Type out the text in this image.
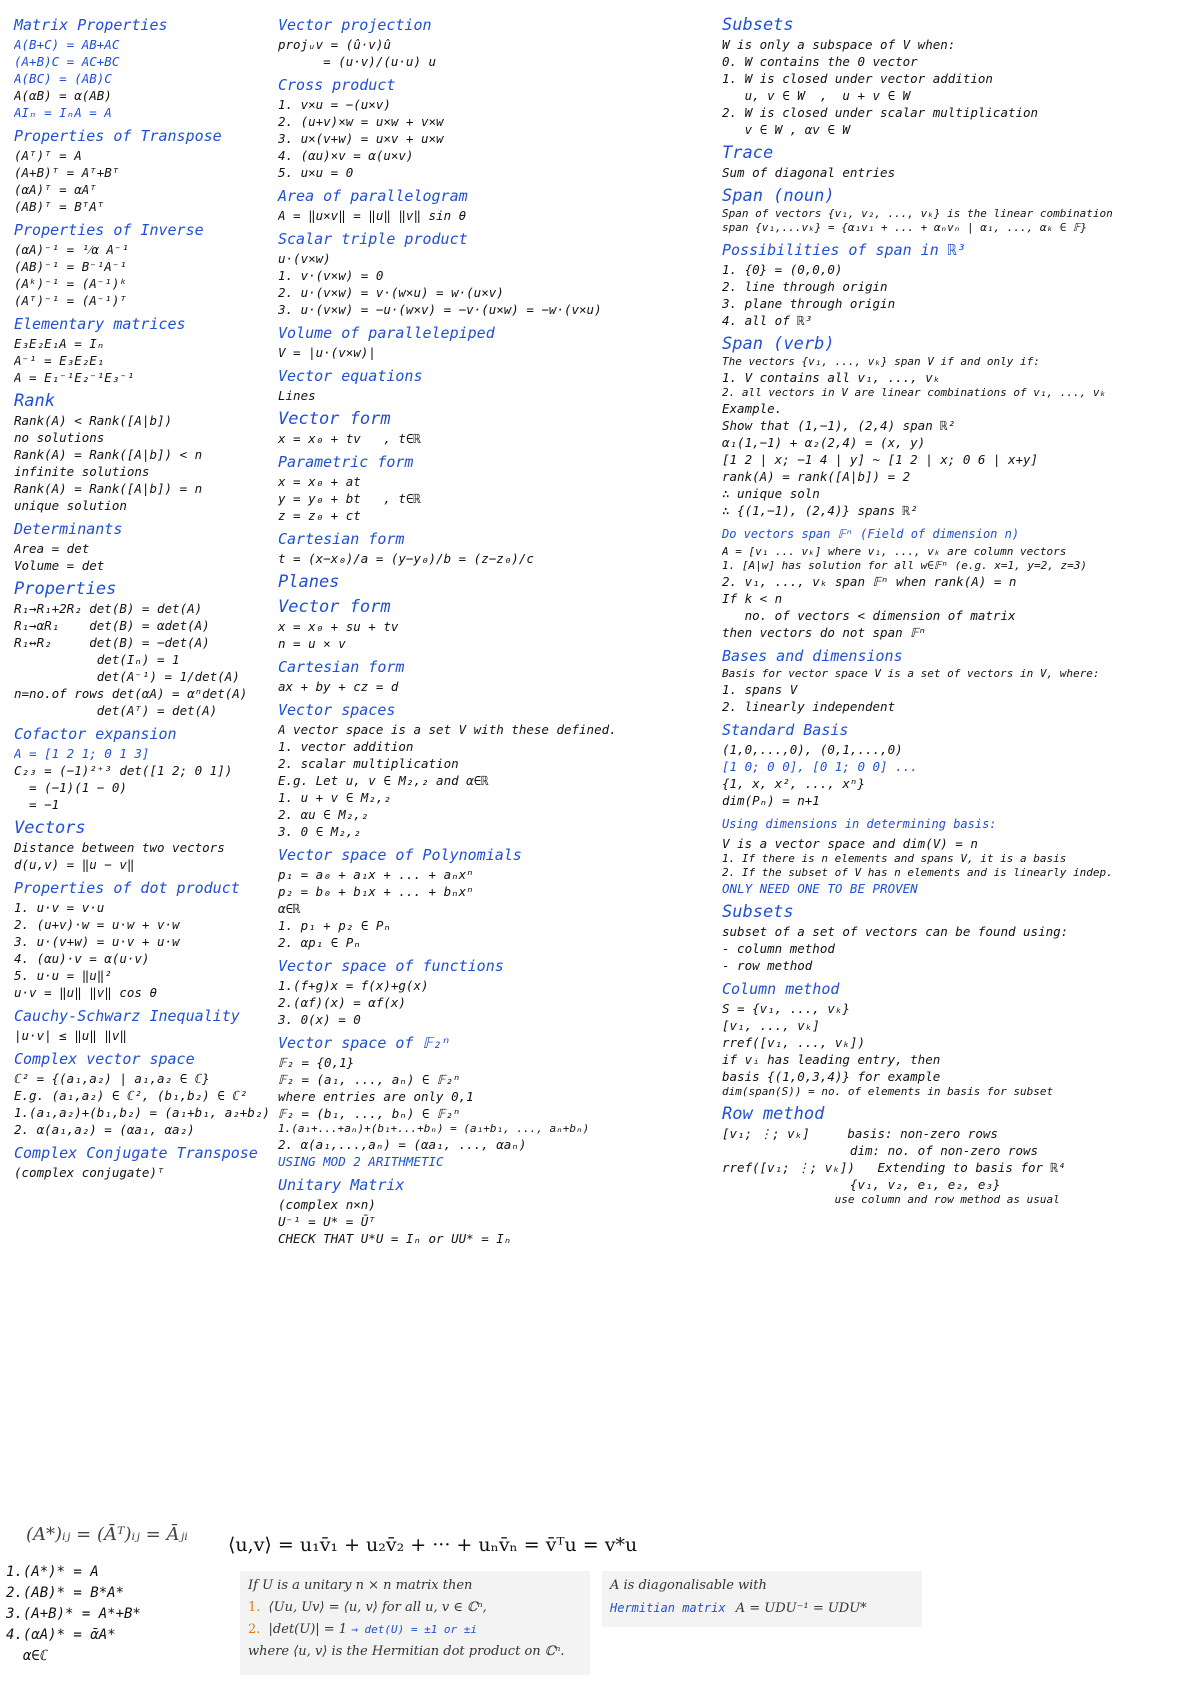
Matrix Properties
A(B+C) = AB+AC
(A+B)C = AC+BC
A(BC) = (AB)C
A(αB) = α(AB)
AIₙ = IₙA = A
Properties of Transpose
(Aᵀ)ᵀ = A
(A+B)ᵀ = Aᵀ+Bᵀ
(αA)ᵀ = αAᵀ
(AB)ᵀ = BᵀAᵀ
Properties of Inverse
(αA)⁻¹ = ¹⁄α A⁻¹
(AB)⁻¹ = B⁻¹A⁻¹
(Aᵏ)⁻¹ = (A⁻¹)ᵏ
(Aᵀ)⁻¹ = (A⁻¹)ᵀ
Elementary matrices
E₃E₂E₁A = Iₙ
A⁻¹ = E₃E₂E₁
A = E₁⁻¹E₂⁻¹E₃⁻¹
Rank
Rank(A) < Rank([A|b])
no solutions
Rank(A) = Rank([A|b]) < n
infinite solutions
Rank(A) = Rank([A|b]) = n
unique solution
Determinants
Area = det
Volume = det
Properties
R₁→R₁+2R₂ det(B) = det(A)
R₁→αR₁    det(B) = αdet(A)
R₁↔R₂     det(B) = −det(A)
det(Iₙ) = 1
det(A⁻¹) = 1/det(A)
n=no.of rows det(αA) = αⁿdet(A)
det(Aᵀ) = det(A)
Cofactor expansion
A = [1 2 1; 0 1 3]
C₂₃ = (−1)²⁺³ det([1 2; 0 1])
= (−1)(1 − 0)
= −1
Vectors
Distance between two vectors
d(u,v) = ‖u − v‖
Properties of dot product
1. u·v = v·u
2. (u+v)·w = u·w + v·w
3. u·(v+w) = u·v + u·w
4. (αu)·v = α(u·v)
5. u·u = ‖u‖²
u·v = ‖u‖ ‖v‖ cos θ
Cauchy-Schwarz Inequality
|u·v| ≤ ‖u‖ ‖v‖
Complex vector space
ℂ² = {(a₁,a₂) | a₁,a₂ ∈ ℂ}
E.g. (a₁,a₂) ∈ ℂ², (b₁,b₂) ∈ ℂ²
1.(a₁,a₂)+(b₁,b₂) = (a₁+b₁, a₂+b₂)
2. α(a₁,a₂) = (αa₁, αa₂)
Complex Conjugate Transpose
(complex conjugate)ᵀ
Vector projection
projᵤv = (û·v)û
= (u·v)/(u·u) u
Cross product
1. v×u = −(u×v)
2. (u+v)×w = u×w + v×w
3. u×(v+w) = u×v + u×w
4. (αu)×v = α(u×v)
5. u×u = 0
Area of parallelogram
A = ‖u×v‖ = ‖u‖ ‖v‖ sin θ
Scalar triple product
u·(v×w)
1. v·(v×w) = 0
2. u·(v×w) = v·(w×u) = w·(u×v)
3. u·(v×w) = −u·(w×v) = −v·(u×w) = −w·(v×u)
Volume of parallelepiped
V = |u·(v×w)|
Vector equations
Lines
Vector form
x = x₀ + tv   , t∈ℝ
Parametric form
x = x₀ + at
y = y₀ + bt   , t∈ℝ
z = z₀ + ct
Cartesian form
t = (x−x₀)/a = (y−y₀)/b = (z−z₀)/c
Planes
Vector form
x = x₀ + su + tv
n = u × v
Cartesian form
ax + by + cz = d
Vector spaces
A vector space is a set V with these defined.
1. vector addition
2. scalar multiplication
E.g. Let u, v ∈ M₂,₂ and α∈ℝ
1. u + v ∈ M₂,₂
2. αu ∈ M₂,₂
3. 0 ∈ M₂,₂
Vector space of Polynomials
p₁ = a₀ + a₁x + ... + aₙxⁿ
p₂ = b₀ + b₁x + ... + bₙxⁿ
α∈ℝ
1. p₁ + p₂ ∈ Pₙ
2. αp₁ ∈ Pₙ
Vector space of functions
1.(f+g)x = f(x)+g(x)
2.(αf)(x) = αf(x)
3. 0(x) = 0
Vector space of 𝔽₂ⁿ
𝔽₂ = {0,1}
𝔽₂ = (a₁, ..., aₙ) ∈ 𝔽₂ⁿ
where entries are only 0,1
𝔽₂ = (b₁, ..., bₙ) ∈ 𝔽₂ⁿ
1.(a₁+...+aₙ)+(b₁+...+bₙ) = (a₁+b₁, ..., aₙ+bₙ)
2. α(a₁,...,aₙ) = (αa₁, ..., αaₙ)
USING MOD 2 ARITHMETIC
Unitary Matrix
(complex n×n)
U⁻¹ = U* = Ūᵀ
CHECK THAT U*U = Iₙ or UU* = Iₙ
Subsets
W is only a subspace of V when:
0. W contains the 0 vector
1. W is closed under vector addition
u, v ∈ W  ,  u + v ∈ W
2. W is closed under scalar multiplication
v ∈ W , αv ∈ W
Trace
Sum of diagonal entries
Span (noun)
Span of vectors {v₁, v₂, ..., vₖ} is the linear combination
span {v₁,...vₖ} = {α₁v₁ + ... + αₙvₙ | α₁, ..., αₖ ∈ 𝔽}
Possibilities of span in ℝ³
1. {0} = (0,0,0)
2. line through origin
3. plane through origin
4. all of ℝ³
Span (verb)
The vectors {v₁, ..., vₖ} span V if and only if:
1. V contains all v₁, ..., vₖ
2. all vectors in V are linear combinations of v₁, ..., vₖ
Example.
Show that (1,−1), (2,4) span ℝ²
α₁(1,−1) + α₂(2,4) = (x, y)
[1 2 | x; −1 4 | y] ~ [1 2 | x; 0 6 | x+y]
rank(A) = rank([A|b]) = 2
∴ unique soln
∴ {(1,−1), (2,4)} spans ℝ²
Do vectors span 𝔽ⁿ (Field of dimension n)
A = [v₁ ... vₖ] where v₁, ..., vₖ are column vectors
1. [A|w] has solution for all w∈𝔽ⁿ (e.g. x=1, y=2, z=3)
2. v₁, ..., vₖ span 𝔽ⁿ when rank(A) = n
If k < n
no. of vectors < dimension of matrix
then vectors do not span 𝔽ⁿ
Bases and dimensions
Basis for vector space V is a set of vectors in V, where:
1. spans V
2. linearly independent
Standard Basis
(1,0,...,0), (0,1,...,0)
[1 0; 0 0], [0 1; 0 0] ...
{1, x, x², ..., xⁿ}
dim(Pₙ) = n+1
Using dimensions in determining basis:
V is a vector space and dim(V) = n
1. If there is n elements and spans V, it is a basis
2. If the subset of V has n elements and is linearly indep.
ONLY NEED ONE TO BE PROVEN
Subsets
subset of a set of vectors can be found using:
- column method
- row method
Column method
S = {v₁, ..., vₖ}
[v₁, ..., vₖ]
rref([v₁, ..., vₖ])
if vᵢ has leading entry, then
basis {(1,0,3,4)} for example
dim(span(S)) = no. of elements in basis for subset
Row method
[v₁; ⋮; vₖ]     basis: non-zero rows
dim: no. of non-zero rows
rref([v₁; ⋮; vₖ])   Extending to basis for ℝ⁴
{v₁, v₂, e₁, e₂, e₃}
use column and row method as usual
(A*)ᵢⱼ = (Āᵀ)ᵢⱼ = Āⱼᵢ
1.(A*)* = A
2.(AB)* = B*A*
3.(A+B)* = A*+B*
4.(αA)* = ᾱA*
α∈ℂ
⟨u,v⟩ = u₁v̄₁ + u₂v̄₂ + ··· + uₙv̄ₙ = v̄ᵀu = v*u
If U is a unitary n × n matrix then
1. ⟨Uu, Uv⟩ = ⟨u, v⟩ for all u, v ∈ ℂⁿ,
2. |det(U)| = 1 → det(U) = ±1 or ±i
where ⟨u, v⟩ is the Hermitian dot product on ℂⁿ.
A is diagonalisable with
Hermitian matrix A = UDU⁻¹ = UDU*
